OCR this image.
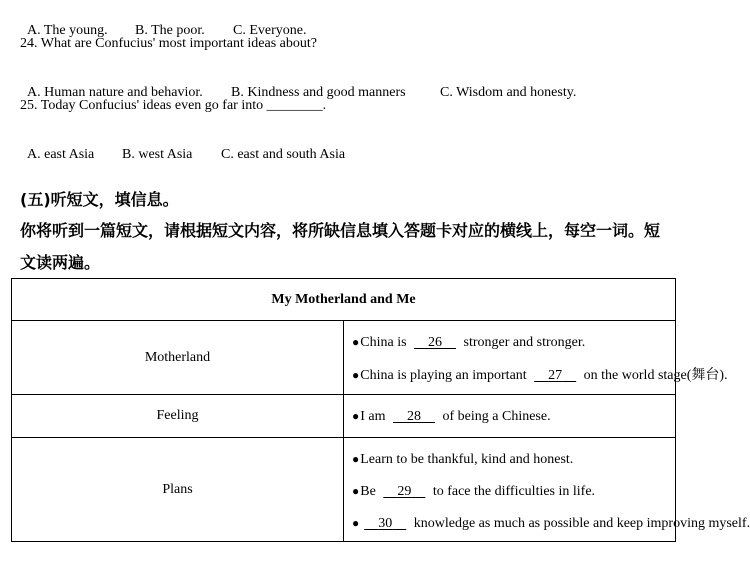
A. The young. B. The poor. C. Everyone.

24. What are Confucius' most important ideas about?

A. Human nature and behavior. B. Kindness and good manners C. Wisdom and honesty.

25. Today Confucius' ideas even go far into ________.

A. east Asia B. west Asia C. east and south Asia

(五)听短文，填信息。
你将听到一篇短文，请根据短文内容，将所缺信息填入答题卡对应的横线上，每空一词。短文读两遍。
My Motherland and Me	
Motherland	●China is 26 stronger and stronger.
●China is playing an important 27 on the world stage(舞台).

Feeling	●I am 28 of being a Chinese.

Plans	●Learn to be thankful, kind and honest.
●Be 29 to face the difficulties in life.
● 30 knowledge as much as possible and keep improving myself.
